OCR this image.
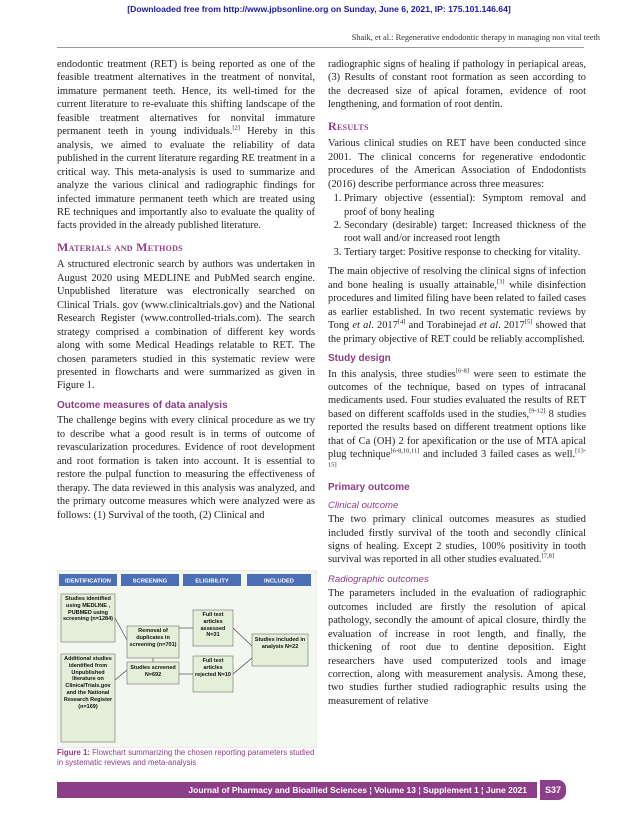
[Downloaded free from http://www.jpbsonline.org on Sunday, June 6, 2021, IP: 175.101.146.64]
Shaik, et al.: Regenerative endodontic therapy in managing non vital teeth

endodontic treatment (RET) is being reported as one of the feasible treatment alternatives in the treatment of nonvital, immature permanent teeth. Hence, its well-timed for the current literature to re-evaluate this shifting landscape of the feasible treatment alternatives for nonvital immature permanent teeth in young individuals.[2] Hereby in this analysis, we aimed to evaluate the reliability of data published in the current literature regarding RE treatment in a critical way. This meta-analysis is used to summarize and analyze the various clinical and radiographic findings for infected immature permanent teeth which are treated using RE techniques and importantly also to evaluate the quality of facts provided in the already published literature.

Materials and Methods

A structured electronic search by authors was undertaken in August 2020 using MEDLINE and PubMed search engine. Unpublished literature was electronically searched on Clinical Trials. gov (www.clinicaltrials.gov) and the National Research Register (www.controlled-trials.com). The search strategy comprised a combination of different key words along with some Medical Headings relatable to RET. The chosen parameters studied in this systematic review were presented in flowcharts and were summarized as given in Figure 1.

Outcome measures of data analysis

The challenge begins with every clinical procedure as we try to describe what a good result is in terms of outcome of revascularization procedures. Evidence of root development and root formation is taken into account. It is essential to restore the pulpal function to measuring the effectiveness of therapy. The data reviewed in this analysis was analyzed, and the primary outcome measures which were analyzed were as follows: (1) Survival of the tooth, (2) Clinical and

radiographic signs of healing if pathology in periapical areas, (3) Results of constant root formation as seen according to the decreased size of apical foramen, evidence of root lengthening, and formation of root dentin.

Results

Various clinical studies on RET have been conducted since 2001. The clinical concerns for regenerative endodontic procedures of the American Association of Endodontists (2016) describe performance across three measures:

1. Primary objective (essential): Symptom removal and proof of bony healing
2. Secondary (desirable) target: Increased thickness of the root wall and/or increased root length
3. Tertiary target: Positive response to checking for vitality.

The main objective of resolving the clinical signs of infection and bone healing is usually attainable,[3] while disinfection procedures and limited filing have been related to failed cases as earlier established. In two recent systematic reviews by Tong et al. 2017[4] and Torabinejad et al. 2017[5] showed that the primary objective of RET could be reliably accomplished.

Study design

In this analysis, three studies[6-8] were seen to estimate the outcomes of the technique, based on types of intracanal medicaments used. Four studies evaluated the results of RET based on different scaffolds used in the studies,[9-12] 8 studies reported the results based on different treatment options like that of Ca (OH) 2 for apexification or the use of MTA apical plug technique[6-8,10,11] and included 3 failed cases as well.[13-15]

Primary outcome
Clinical outcome

The two primary clinical outcomes measures as studied included firstly survival of the tooth and secondly clinical signs of healing. Except 2 studies, 100% positivity in tooth survival was reported in all other studies evaluated.[7,8]

Radiographic outcomes

The parameters included in the evaluation of radiographic outcomes included are firstly the resolution of apical pathology, secondly the amount of apical closure, thirdly the evaluation of increase in root length, and finally, the thickening of root due to dentine deposition. Eight researchers have used computerized tools and image correction, along with measurement analysis. Among these, two studies further studied radiographic results using the measurement of relative

IDENTIFICATION	SCREENING	ELIGIBILITY	INCLUDED
Studies identified using MEDLINE , PUBMED using screening (n=1284)
Additional studies identified from Unpublished literature on ClinicalTrials.gov and the National Research Register (n=169)
Removal of duplicates in screening (n=701)
Studies screened N=692
Full text articles assessed N=31
Full text articles rejected N=10
Studies included in analysis N=22
Figure 1: Flowchart summarizing the chosen reporting parameters studied in systematic reviews and meta-analysis
Journal of Pharmacy and Bioallied Sciences ¦ Volume 13 ¦ Supplement 1 ¦ June 2021	S37
